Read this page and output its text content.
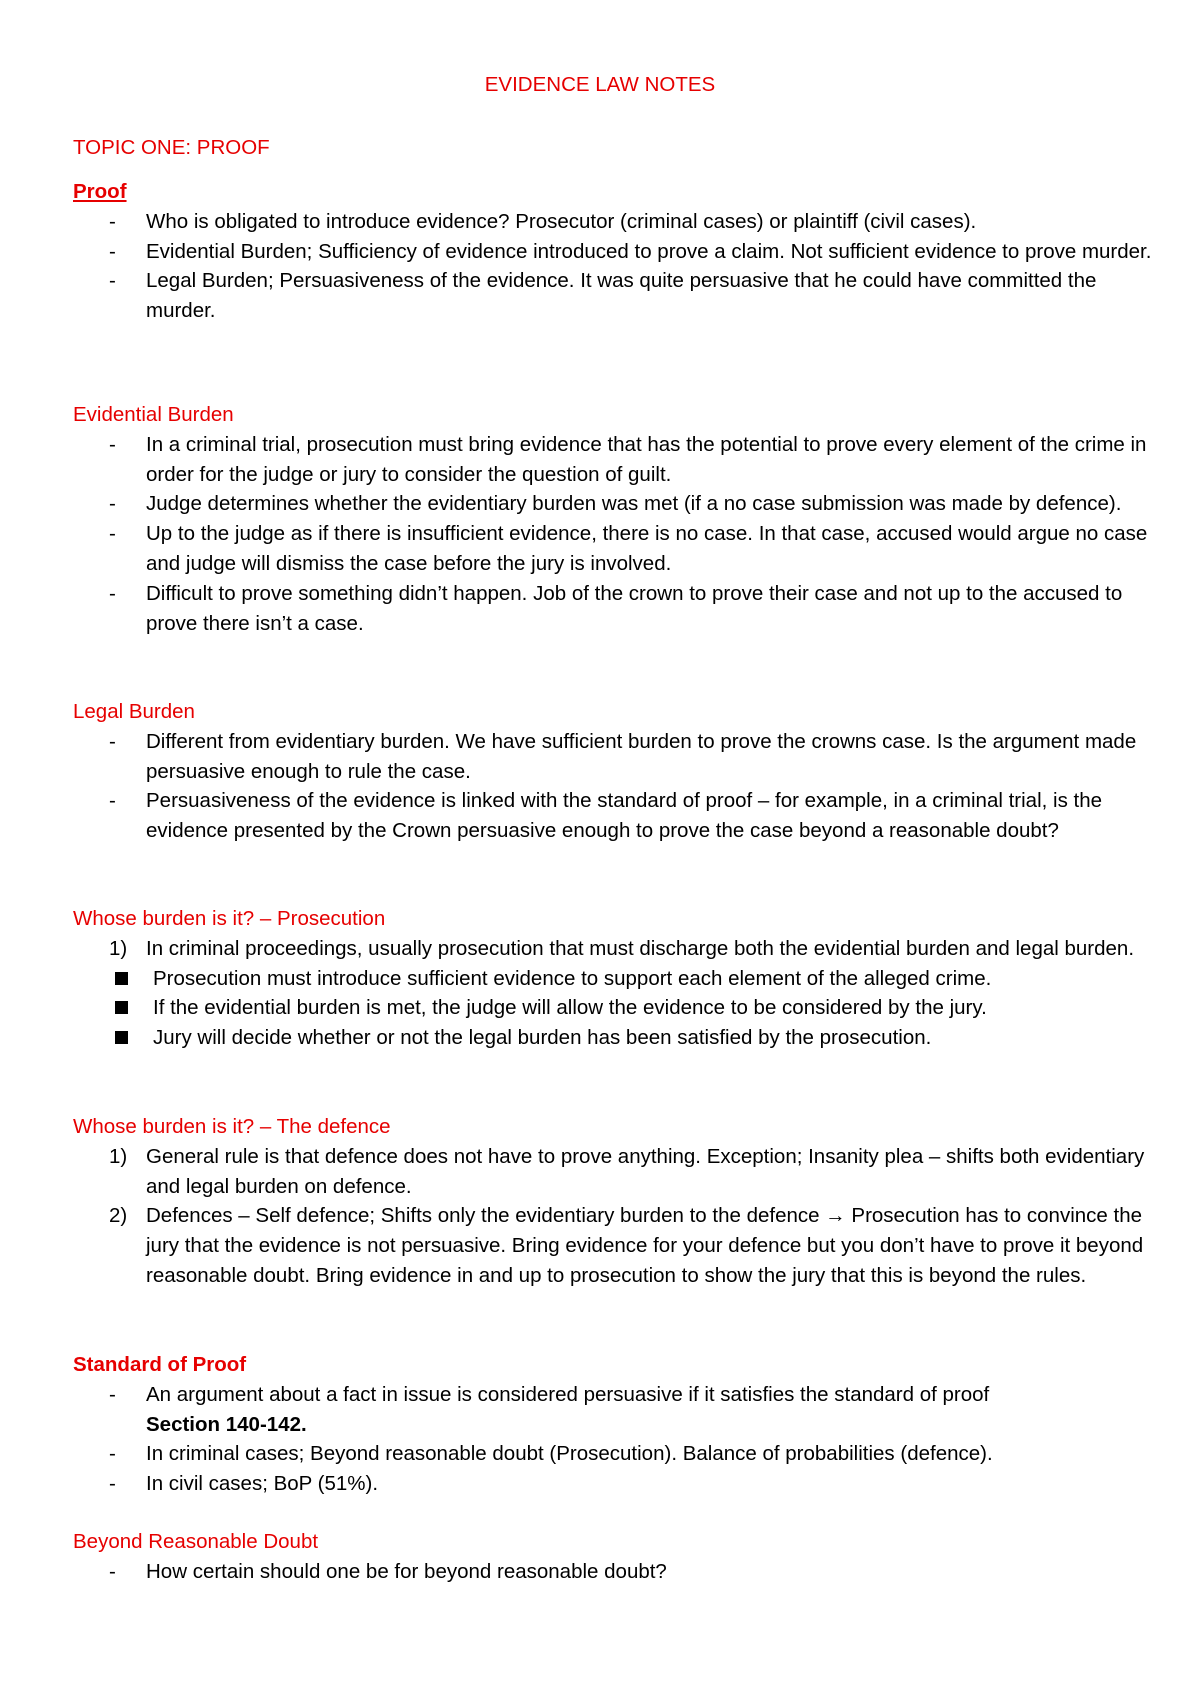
EVIDENCE LAW NOTES
TOPIC ONE: PROOF
Proof
-	Who is obligated to introduce evidence? Prosecutor (criminal cases) or plaintiff (civil cases).
-	Evidential Burden; Sufficiency of evidence introduced to prove a claim. Not sufficient evidence to prove murder.
-	Legal Burden; Persuasiveness of the evidence. It was quite persuasive that he could have committed the murder.
Evidential Burden
-	In a criminal trial, prosecution must bring evidence that has the potential to prove every element of the crime in order for the judge or jury to consider the question of guilt.
-	Judge determines whether the evidentiary burden was met (if a no case submission was made by defence).
-	Up to the judge as if there is insufficient evidence, there is no case. In that case, accused would argue no case and judge will dismiss the case before the jury is involved.
-	Difficult to prove something didn’t happen. Job of the crown to prove their case and not up to the accused to prove there isn’t a case.
Legal Burden
-	Different from evidentiary burden. We have sufficient burden to prove the crowns case. Is the argument made persuasive enough to rule the case.
-	Persuasiveness of the evidence is linked with the standard of proof – for example, in a criminal trial, is the evidence presented by the Crown persuasive enough to prove the case beyond a reasonable doubt?
Whose burden is it? – Prosecution
1) In criminal proceedings, usually prosecution that must discharge both the evidential burden and legal burden.
Prosecution must introduce sufficient evidence to support each element of the alleged crime.
If the evidential burden is met, the judge will allow the evidence to be considered by the jury.
Jury will decide whether or not the legal burden has been satisfied by the prosecution.
Whose burden is it? – The defence
1) General rule is that defence does not have to prove anything. Exception; Insanity plea – shifts both evidentiary and legal burden on defence.
2) Defences – Self defence; Shifts only the evidentiary burden to the defence → Prosecution has to convince the jury that the evidence is not persuasive. Bring evidence for your defence but you don’t have to prove it beyond reasonable doubt. Bring evidence in and up to prosecution to show the jury that this is beyond the rules.
Standard of Proof
-	An argument about a fact in issue is considered persuasive if it satisfies the standard of proof
Section 140-142.
-	In criminal cases; Beyond reasonable doubt (Prosecution). Balance of probabilities (defence).
-	In civil cases; BoP (51%).
Beyond Reasonable Doubt
-	How certain should one be for beyond reasonable doubt?
